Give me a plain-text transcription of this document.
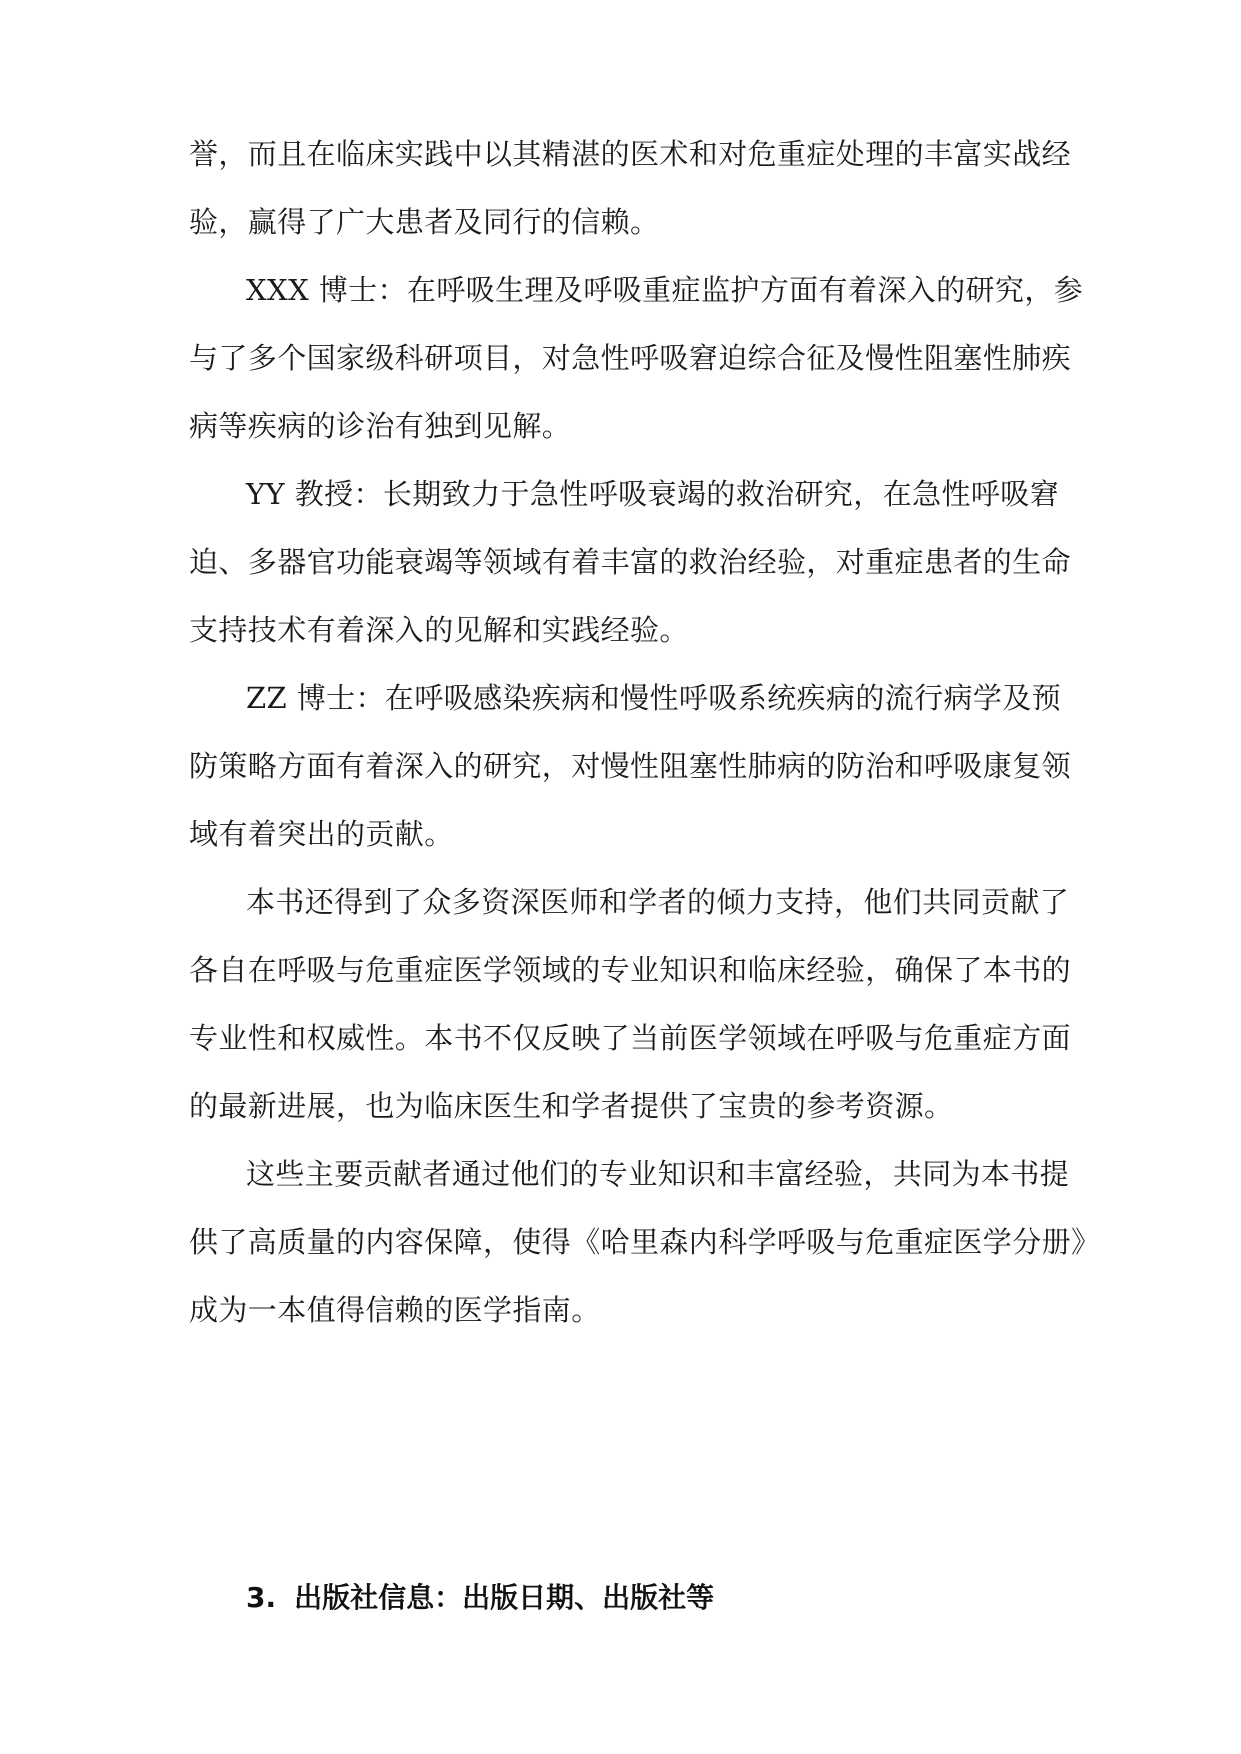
誉，而且在临床实践中以其精湛的医术和对危重症处理的丰富实战经
验，赢得了广大患者及同行的信赖。
XXX 博士：在呼吸生理及呼吸重症监护方面有着深入的研究，参
与了多个国家级科研项目，对急性呼吸窘迫综合征及慢性阻塞性肺疾
病等疾病的诊治有独到见解。
YY 教授：长期致力于急性呼吸衰竭的救治研究，在急性呼吸窘
迫、多器官功能衰竭等领域有着丰富的救治经验，对重症患者的生命
支持技术有着深入的见解和实践经验。
ZZ 博士：在呼吸感染疾病和慢性呼吸系统疾病的流行病学及预
防策略方面有着深入的研究，对慢性阻塞性肺病的防治和呼吸康复领
域有着突出的贡献。
本书还得到了众多资深医师和学者的倾力支持，他们共同贡献了
各自在呼吸与危重症医学领域的专业知识和临床经验，确保了本书的
专业性和权威性。本书不仅反映了当前医学领域在呼吸与危重症方面
的最新进展，也为临床医生和学者提供了宝贵的参考资源。
这些主要贡献者通过他们的专业知识和丰富经验，共同为本书提
供了高质量的内容保障，使得《哈里森内科学呼吸与危重症医学分册》
成为一本值得信赖的医学指南。
3. 出版社信息：出版日期、出版社等
